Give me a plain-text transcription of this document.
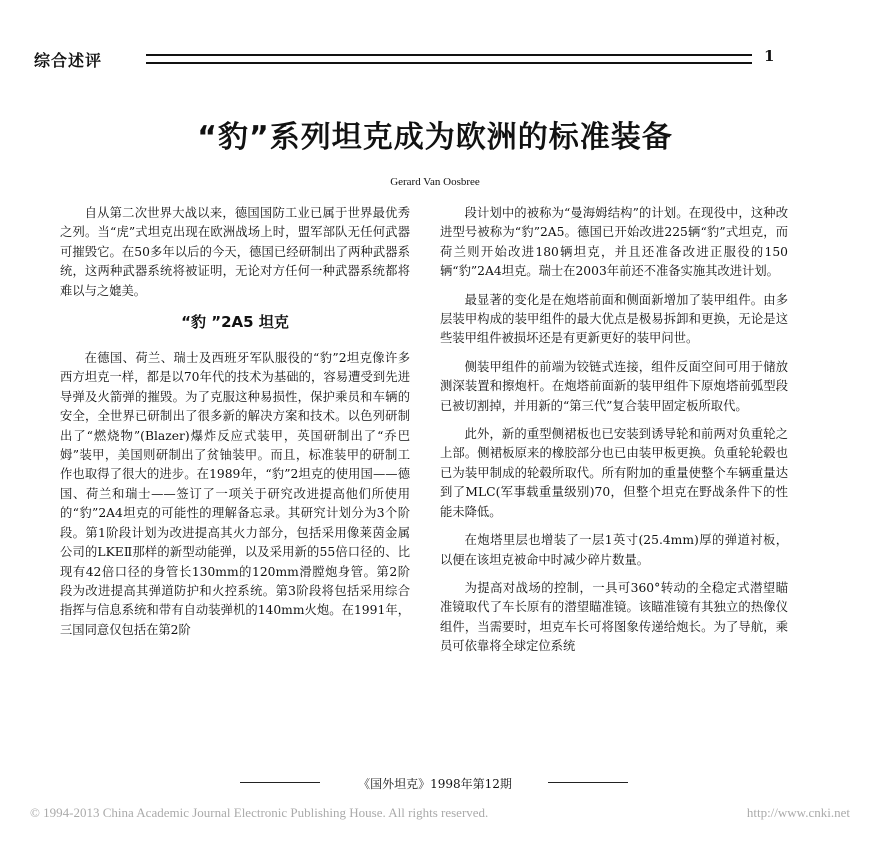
综合述评	1
“豹”系列坦克成为欧洲的标准装备
Gerard Van Oosbree

自从第二次世界大战以来，德国国防工业已属于世界最优秀之列。当“虎”式坦克出现在欧洲战场上时，盟军部队无任何武器可摧毁它。在50多年以后的今天，德国已经研制出了两种武器系统，这两种武器系统将被证明，无论对方任何一种武器系统都将难以与之媲美。

“豹 ”2A5 坦克

在德国、荷兰、瑞士及西班牙军队服役的“豹”2坦克像许多西方坦克一样，都是以70年代的技术为基础的，容易遭受到先进导弹及火箭弹的摧毁。为了克服这种易损性，保护乘员和车辆的安全，全世界已研制出了很多新的解决方案和技术。以色列研制出了“燃烧物”(Blazer)爆炸反应式装甲，英国研制出了“乔巴姆”装甲，美国则研制出了贫铀装甲。而且，标准装甲的研制工作也取得了很大的进步。在1989年，“豹”2坦克的使用国——德国、荷兰和瑞士——签订了一项关于研究改进提高他们所使用的“豹”2A4坦克的可能性的理解备忘录。其研究计划分为3个阶段。第1阶段计划为改进提高其火力部分，包括采用像莱茵金属公司的LKEⅡ那样的新型动能弹，以及采用新的55倍口径的、比现有42倍口径的身管长130mm的120mm滑膛炮身管。第2阶段为改进提高其弹道防护和火控系统。第3阶段将包括采用综合指挥与信息系统和带有自动装弹机的140mm火炮。在1991年，三国同意仅包括在第2阶

段计划中的被称为“曼海姆结构”的计划。在现役中，这种改进型号被称为“豹”2A5。德国已开始改进225辆“豹”式坦克，而荷兰则开始改进180辆坦克，并且还准备改进正服役的150辆“豹”2A4坦克。瑞士在2003年前还不准备实施其改进计划。

最显著的变化是在炮塔前面和侧面新增加了装甲组件。由多层装甲构成的装甲组件的最大优点是极易拆卸和更换，无论是这些装甲组件被损坏还是有更新更好的装甲问世。

侧装甲组件的前端为铰链式连接，组件反面空间可用于储放测深装置和擦炮杆。在炮塔前面新的装甲组件下原炮塔前弧型段已被切割掉，并用新的“第三代”复合装甲固定板所取代。

此外，新的重型侧裙板也已安装到诱导轮和前两对负重轮之上部。侧裙板原来的橡胶部分也已由装甲板更换。负重轮轮毂也已为装甲制成的轮毂所取代。所有附加的重量使整个车辆重量达到了MLC(军事载重量级别)70，但整个坦克在野战条件下的性能未降低。

在炮塔里层也增装了一层1英寸(25.4mm)厚的弹道衬板，以便在该坦克被命中时减少碎片数量。

为提高对战场的控制，一具可360°转动的全稳定式潜望瞄准镜取代了车长原有的潜望瞄准镜。该瞄准镜有其独立的热像仪组件，当需要时，坦克车长可将图象传递给炮长。为了导航，乘员可依靠将全球定位系统

《国外坦克》1998年第12期
© 1994-2013 China Academic Journal Electronic Publishing House. All rights reserved.	http://www.cnki.net
